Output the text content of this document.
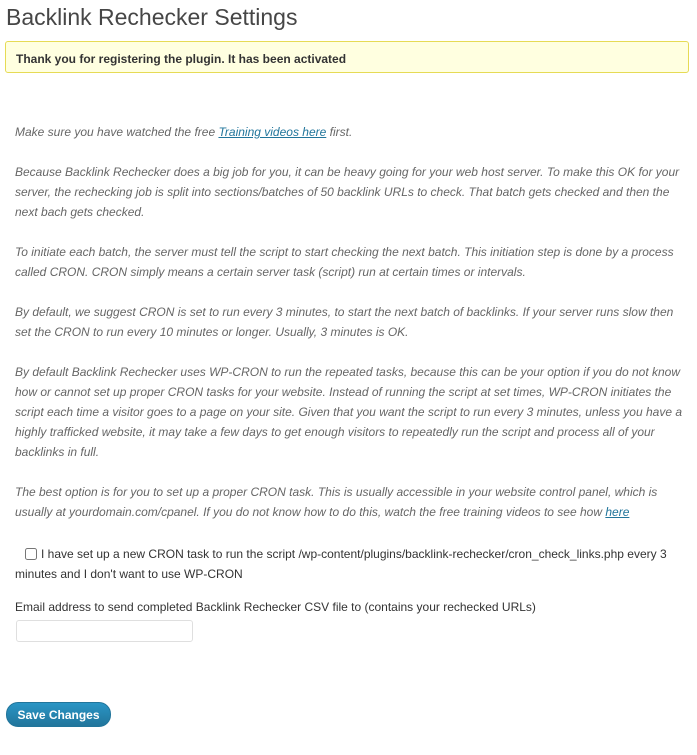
Backlink Rechecker Settings
Thank you for registering the plugin. It has been activated

Make sure you have watched the free Training videos here first.

Because Backlink Rechecker does a big job for you, it can be heavy going for your web host server. To make this OK for your server, the rechecking job is split into sections/batches of 50 backlink URLs to check. That batch gets checked and then the next bach gets checked.

To initiate each batch, the server must tell the script to start checking the next batch. This initiation step is done by a process called CRON. CRON simply means a certain server task (script) run at certain times or intervals.

By default, we suggest CRON is set to run every 3 minutes, to start the next batch of backlinks. If your server runs slow then set the CRON to run every 10 minutes or longer. Usually, 3 minutes is OK.

By default Backlink Rechecker uses WP-CRON to run the repeated tasks, because this can be your option if you do not know how or cannot set up proper CRON tasks for your website. Instead of running the script at set times, WP-CRON initiates the script each time a visitor goes to a page on your site. Given that you want the script to run every 3 minutes, unless you have a highly trafficked website, it may take a few days to get enough visitors to repeatedly run the script and process all of your backlinks in full.

The best option is for you to set up a proper CRON task. This is usually accessible in your website control panel, which is usually at yourdomain.com/cpanel. If you do not know how to do this, watch the free training videos to see how here

I have set up a new CRON task to run the script /wp-content/plugins/backlink-rechecker/cron_check_links.php every 3 minutes and I don't want to use WP-CRON
Email address to send completed Backlink Rechecker CSV file to (contains your rechecked URLs)
Save Changes
